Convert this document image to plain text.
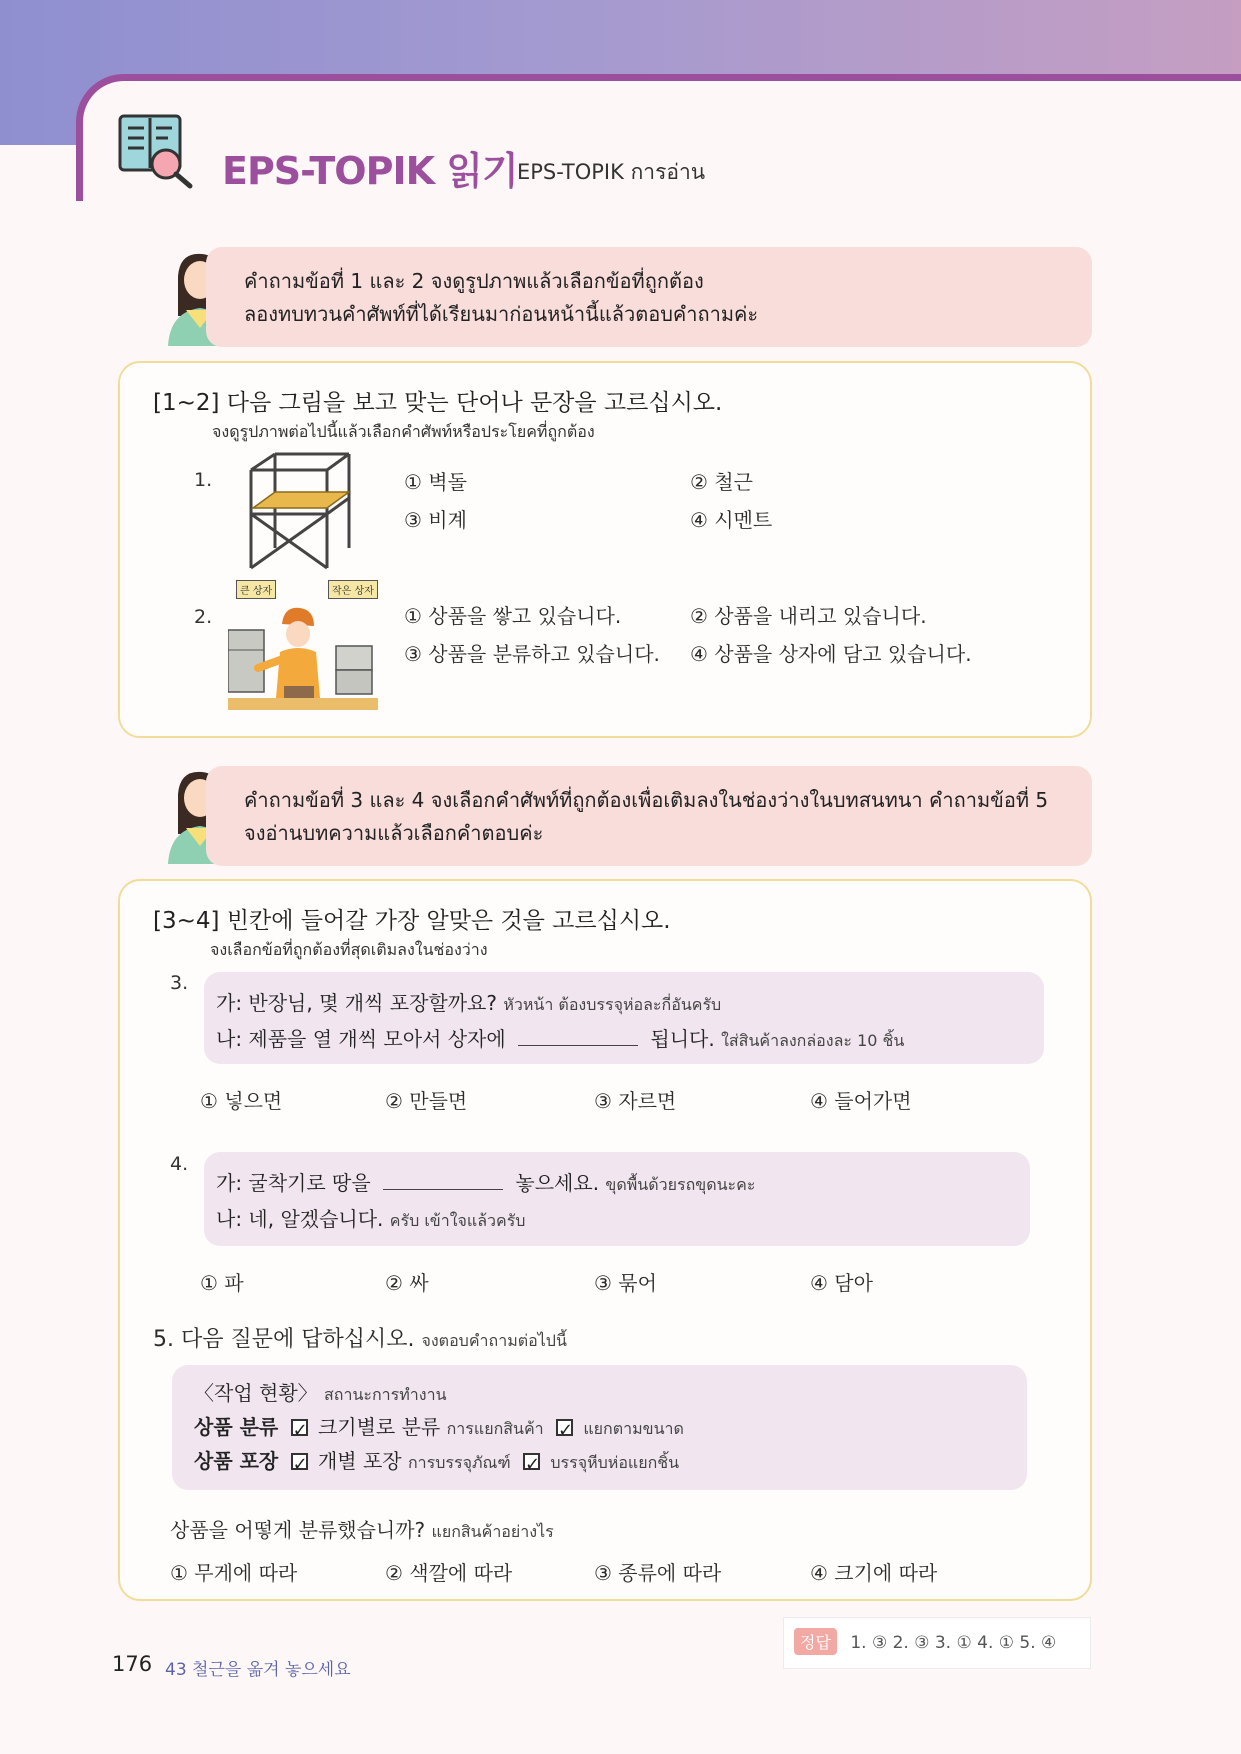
EPS-TOPIK 읽기 EPS-TOPIK การอ่าน
คำถามข้อที่ 1 และ 2 จงดูรูปภาพแล้วเลือกข้อที่ถูกต้อง
ลองทบทวนคำศัพท์ที่ได้เรียนมาก่อนหน้านี้แล้วตอบคำถามค่ะ
[1~2] 다음 그림을 보고 맞는 단어나 문장을 고르십시오.
จงดูรูปภาพต่อไปนี้แล้วเลือกคำศัพท์หรือประโยคที่ถูกต้อง
1.	① 벽돌	② 철근
③ 비계	④ 시멘트
2.
큰 상자	작은 상자
① 상품을 쌓고 있습니다.	② 상품을 내리고 있습니다.
③ 상품을 분류하고 있습니다. ④ 상품을 상자에 담고 있습니다.
คำถามข้อที่ 3 และ 4 จงเลือกคำศัพท์ที่ถูกต้องเพื่อเติมลงในช่องว่างในบทสนทนา คำถามข้อที่ 5
จงอ่านบทความแล้วเลือกคำตอบค่ะ
[3~4] 빈칸에 들어갈 가장 알맞은 것을 고르십시오.
จงเลือกข้อที่ถูกต้องที่สุดเติมลงในช่องว่าง
3.
가: 반장님, 몇 개씩 포장할까요? หัวหน้า ต้องบรรจุห่อละกี่อันครับ
나: 제품을 열 개씩 모아서 상자에	됩니다. ใส่สินค้าลงกล่องละ 10 ชิ้น
① 넣으면	② 만들면	③ 자르면	④ 들어가면
4.
가: 굴착기로 땅을	놓으세요. ขุดพื้นด้วยรถขุดนะคะ
나: 네, 알겠습니다. ครับ เข้าใจแล้วครับ
① 파	② 싸	③ 묶어	④ 담아
5. 다음 질문에 답하십시오. จงตอบคำถามต่อไปนี้
〈작업 현황〉 สถานะการทำงาน
상품 분류 ✓ 크기별로 분류 การแยกสินค้า ✓ แยกตามขนาด
상품 포장 ✓ 개별 포장 การบรรจุภัณฑ์ ✓ บรรจุหีบห่อแยกชิ้น
상품을 어떻게 분류했습니까? แยกสินค้าอย่างไร
① 무게에 따라	② 색깔에 따라	③ 종류에 따라	④ 크기에 따라
176 43 철근을 옮겨 놓으세요
정답 1. ③ 2. ③ 3. ① 4. ① 5. ④
